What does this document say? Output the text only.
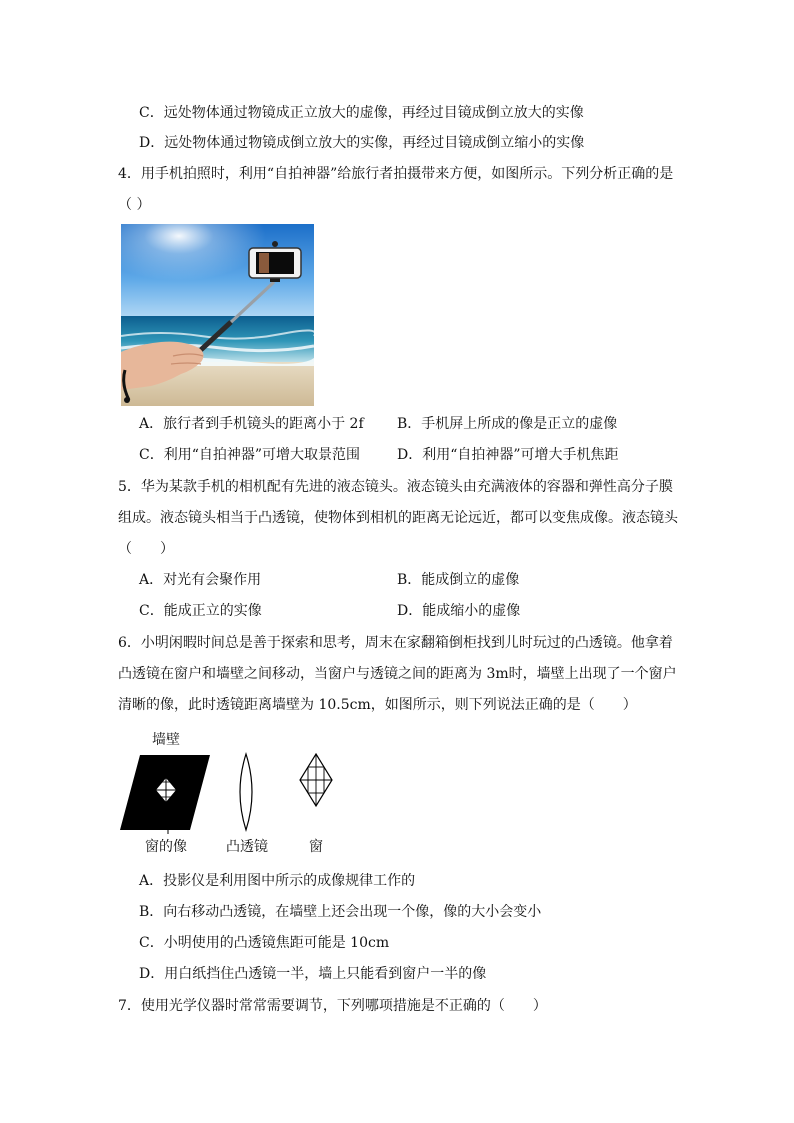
C．远处物体通过物镜成正立放大的虚像，再经过目镜成倒立放大的实像
D．远处物体通过物镜成倒立放大的实像，再经过目镜成倒立缩小的实像
4．用手机拍照时，利用“自拍神器”给旅行者拍摄带来方便，如图所示。下列分析正确的是
（ ）
A．旅行者到手机镜头的距离小于 2f B．手机屏上所成的像是正立的虚像
C．利用“自拍神器”可增大取景范围	D．利用“自拍神器”可增大手机焦距
5．华为某款手机的相机配有先进的液态镜头。液态镜头由充满液体的容器和弹性高分子膜
组成。液态镜头相当于凸透镜，使物体到相机的距离无论远近，都可以变焦成像。液态镜头
（　　）
A．对光有会聚作用	B．能成倒立的虚像
C．能成正立的实像	D．能成缩小的虚像
6．小明闲暇时间总是善于探索和思考，周末在家翻箱倒柜找到儿时玩过的凸透镜。他拿着
凸透镜在窗户和墙壁之间移动，当窗户与透镜之间的距离为 3m时，墙壁上出现了一个窗户
清晰的像，此时透镜距离墙壁为 10.5cm，如图所示，则下列说法正确的是（　　）
墙壁
窗的像	凸透镜	窗
A．投影仪是利用图中所示的成像规律工作的
B．向右移动凸透镜，在墙壁上还会出现一个像，像的大小会变小
C．小明使用的凸透镜焦距可能是 10cm
D．用白纸挡住凸透镜一半，墙上只能看到窗户一半的像
7．使用光学仪器时常常需要调节，下列哪项措施是不正确的（　　）
